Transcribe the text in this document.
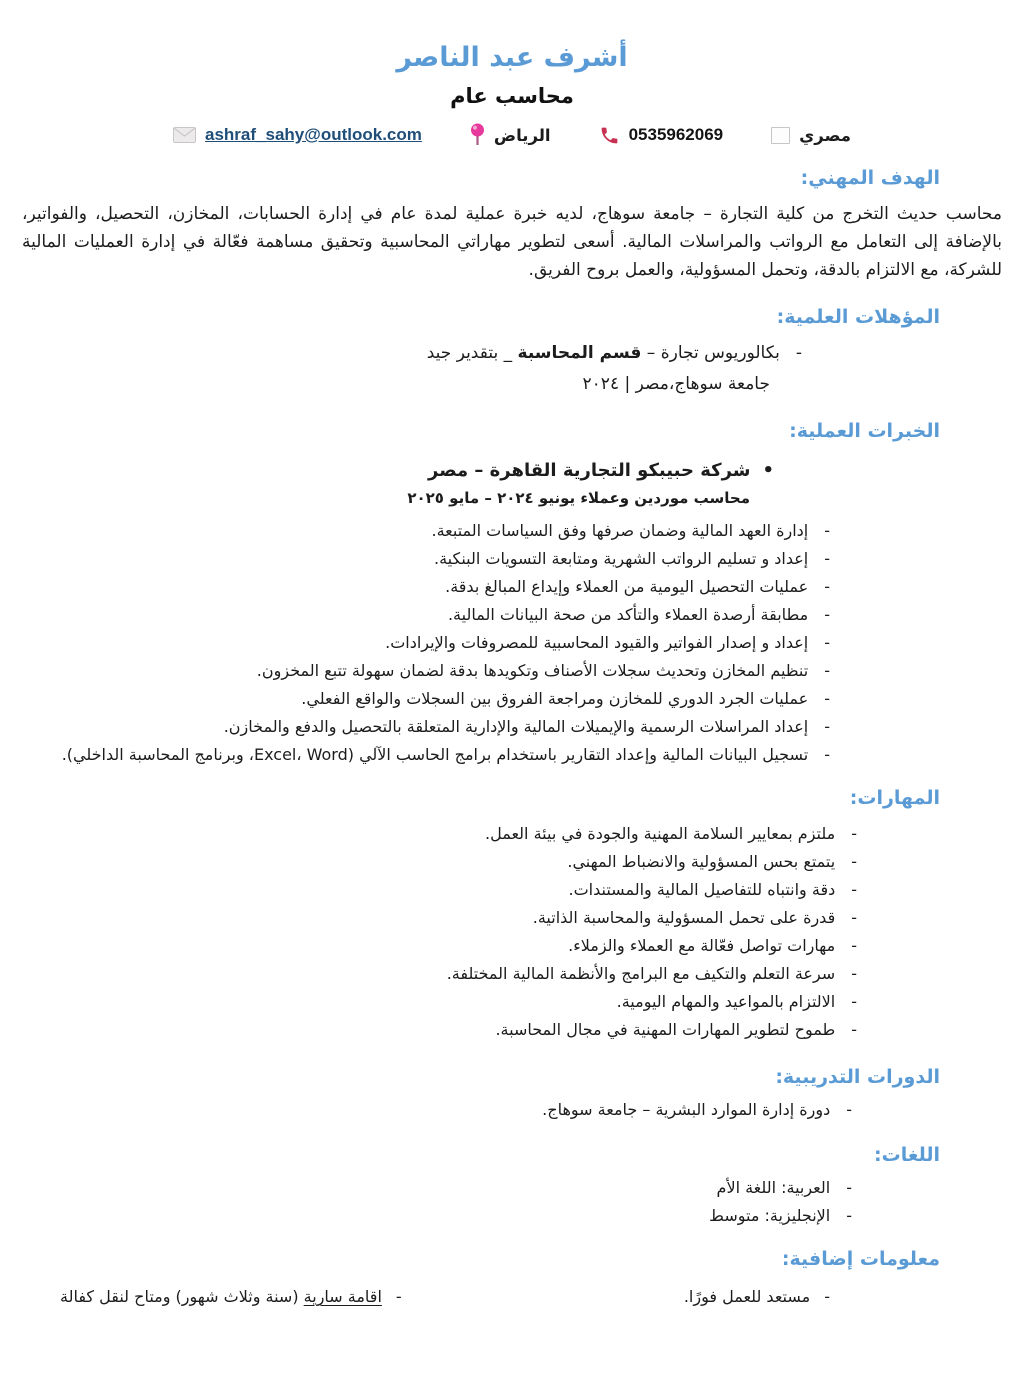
أشرف عبد الناصر
محاسب عام
مصري
0535962069
الرياض
ashraf_sahy@outlook.com
الهدف المهني:

محاسب حديث التخرج من كلية التجارة – جامعة سوهاج، لديه خبرة عملية لمدة عام في إدارة الحسابات، المخازن، التحصيل، والفواتير، بالإضافة إلى التعامل مع الرواتب والمراسلات المالية. أسعى لتطوير مهاراتي المحاسبية وتحقيق مساهمة فعّالة في إدارة العمليات المالية للشركة، مع الالتزام بالدقة، وتحمل المسؤولية، والعمل بروح الفريق.

المؤهلات العلمية:
-
بكالوريوس تجارة – قسم المحاسبة _ بتقدير جيد
جامعة سوهاج،مصر | ٢٠٢٤
الخبرات العملية:
•
شركة حبيبكو التجارية القاهرة – مصر
محاسب موردين وعملاء يونيو ٢٠٢٤ – مايو ٢٠٢٥
-
إدارة العهد المالية وضمان صرفها وفق السياسات المتبعة.
-
إعداد و تسليم الرواتب الشهرية ومتابعة التسويات البنكية.
-
عمليات التحصيل اليومية من العملاء وإيداع المبالغ بدقة.
-
مطابقة أرصدة العملاء والتأكد من صحة البيانات المالية.
-
إعداد و إصدار الفواتير والقيود المحاسبية للمصروفات والإيرادات.
-
تنظيم المخازن وتحديث سجلات الأصناف وتكويدها بدقة لضمان سهولة تتبع المخزون.
-
عمليات الجرد الدوري للمخازن ومراجعة الفروق بين السجلات والواقع الفعلي.
-
إعداد المراسلات الرسمية والإيميلات المالية والإدارية المتعلقة بالتحصيل والدفع والمخازن.
-
تسجيل البيانات المالية وإعداد التقارير باستخدام برامج الحاسب الآلي (Excel، Word، وبرنامج المحاسبة الداخلي).
المهارات:
-
ملتزم بمعايير السلامة المهنية والجودة في بيئة العمل.
-
يتمتع بحس المسؤولية والانضباط المهني.
-
دقة وانتباه للتفاصيل المالية والمستندات.
-
قدرة على تحمل المسؤولية والمحاسبة الذاتية.
-
مهارات تواصل فعّالة مع العملاء والزملاء.
-
سرعة التعلم والتكيف مع البرامج والأنظمة المالية المختلفة.
-
الالتزام بالمواعيد والمهام اليومية.
-
طموح لتطوير المهارات المهنية في مجال المحاسبة.
الدورات التدريبية:
-
دورة إدارة الموارد البشرية – جامعة سوهاج.
اللغات:
-
العربية: اللغة الأم
-
الإنجليزية: متوسط
معلومات إضافية:
-
مستعد للعمل فورًا.
-
اقامة سارية (سنة وثلاث شهور) ومتاح لنقل كفالة
